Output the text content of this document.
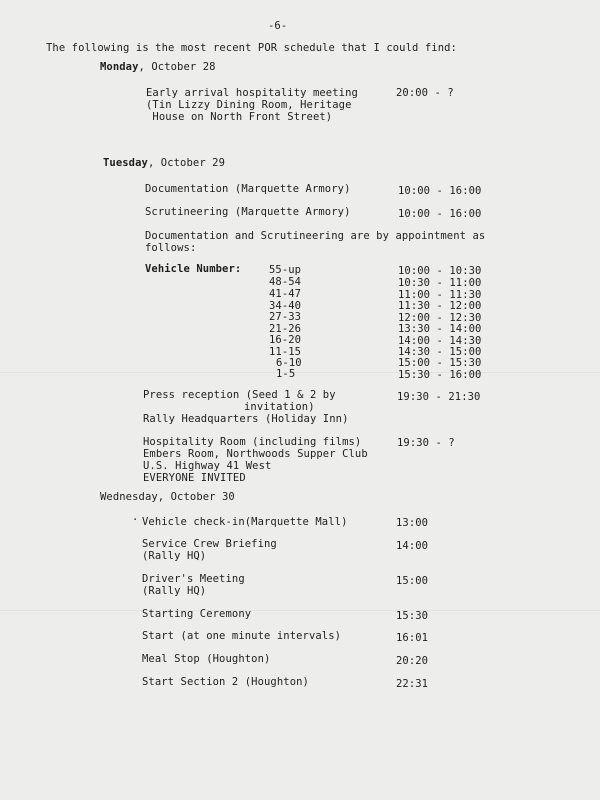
-6-
The following is the most recent POR schedule that I could find:
Monday, October 28
Early arrival hospitality meeting
(Tin Lizzy Dining Room, Heritage
House on North Front Street)
20:00 - ?
Tuesday, October 29
Documentation (Marquette Armory)	10:00 - 16:00
Scrutineering (Marquette Armory)	10:00 - 16:00
Documentation and Scrutineering are by appointment as
follows:
Vehicle Number:	55-up	10:00 - 10:30
48-54	10:30 - 11:00
41-47	11:00 - 11:30
34-40	11:30 - 12:00
27-33	12:00 - 12:30
21-26	13:30 - 14:00
16-20	14:00 - 14:30
11-15	14:30 - 15:00
6-10	15:00 - 15:30
1-5	15:30 - 16:00
Press reception (Seed 1 & 2 by
invitation)
Rally Headquarters (Holiday Inn)
19:30 - 21:30
Hospitality Room (including films)
Embers Room, Northwoods Supper Club
U.S. Highway 41 West
EVERYONE INVITED
19:30 - ?
Wednesday, October 30
· Vehicle check-in(Marquette Mall)	13:00
Service Crew Briefing
(Rally HQ)
14:00
Driver's Meeting
(Rally HQ)
15:00
Starting Ceremony	15:30
Start (at one minute intervals)	16:01
Meal Stop (Houghton)	20:20
Start Section 2 (Houghton)	22:31
